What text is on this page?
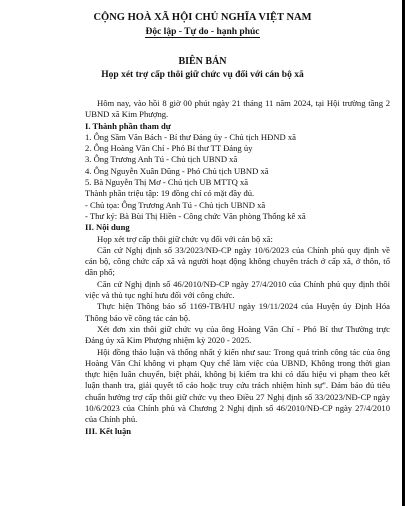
CỘNG HOÀ XÃ HỘI CHỦ NGHĨA VIỆT NAM
Độc lập - Tự do - hạnh phúc
BIÊN BẢN
Họp xét trợ cấp thôi giữ chức vụ đối với cán bộ xã

Hôm nay, vào hồi 8 giờ 00 phút ngày 21 tháng 11 năm 2024, tại Hội trường tầng 2 UBND xã Kim Phượng.

I. Thành phần tham dự

1. Ông Sầm Văn Bách - Bí thư Đảng ủy - Chủ tịch HĐND xã

2. Ông Hoàng Văn Chí - Phó Bí thư TT Đảng ủy

3. Ông Trương Anh Tú - Chủ tịch UBND xã

4. Ông Nguyễn Xuân Dũng - Phó Chủ tịch UBND xã

5. Bà Nguyễn Thị Mơ - Chủ tịch UB MTTQ xã

Thành phần triệu tập: 19 đồng chí có mặt đầy đủ.

- Chủ tọa: Ông Trương Anh Tú - Chủ tịch UBND xã

- Thư ký: Bà Bùi Thị Hiền - Công chức Văn phòng Thống kê xã

II. Nội dung

Họp xét trợ cấp thôi giữ chức vụ đối với cán bộ xã:

Căn cứ Nghị định số 33/2023/NĐ-CP ngày 10/6/2023 của Chính phủ quy định về cán bộ, công chức cấp xã và người hoạt động không chuyên trách ở cấp xã, ở thôn, tổ dân phố;

Căn cứ Nghị định số 46/2010/NĐ-CP ngày 27/4/2010 của Chính phủ quy định thôi việc và thủ tục nghỉ hưu đối với công chức.

Thực hiện Thông báo số 1169-TB/HU ngày 19/11/2024 của Huyện ủy Định Hóa Thông báo về công tác cán bộ.

Xét đơn xin thôi giữ chức vụ của ông Hoàng Văn Chí - Phó Bí thư Thường trực Đảng ủy xã Kim Phượng nhiệm kỳ 2020 - 2025.

Hội đồng thảo luận và thống nhất ý kiến như sau: Trong quá trình công tác của ông Hoàng Văn Chí không vi phạm Quy chế làm việc của UBND, Không trong thời gian thực hiện luân chuyển, biệt phái, không bị kiểm tra khi có dấu hiệu vi phạm theo kết luận thanh tra, giải quyết tố cáo hoặc truy cứu trách nhiệm hình sự". Đảm bảo đủ tiêu chuẩn hưởng trợ cấp thôi giữ chức vụ theo Điều 27 Nghị định số 33/2023/NĐ-CP ngày 10/6/2023 của Chính phủ và Chương 2 Nghị định số 46/2010/NĐ-CP ngày 27/4/2010 của Chính phủ.

III. Kết luận
